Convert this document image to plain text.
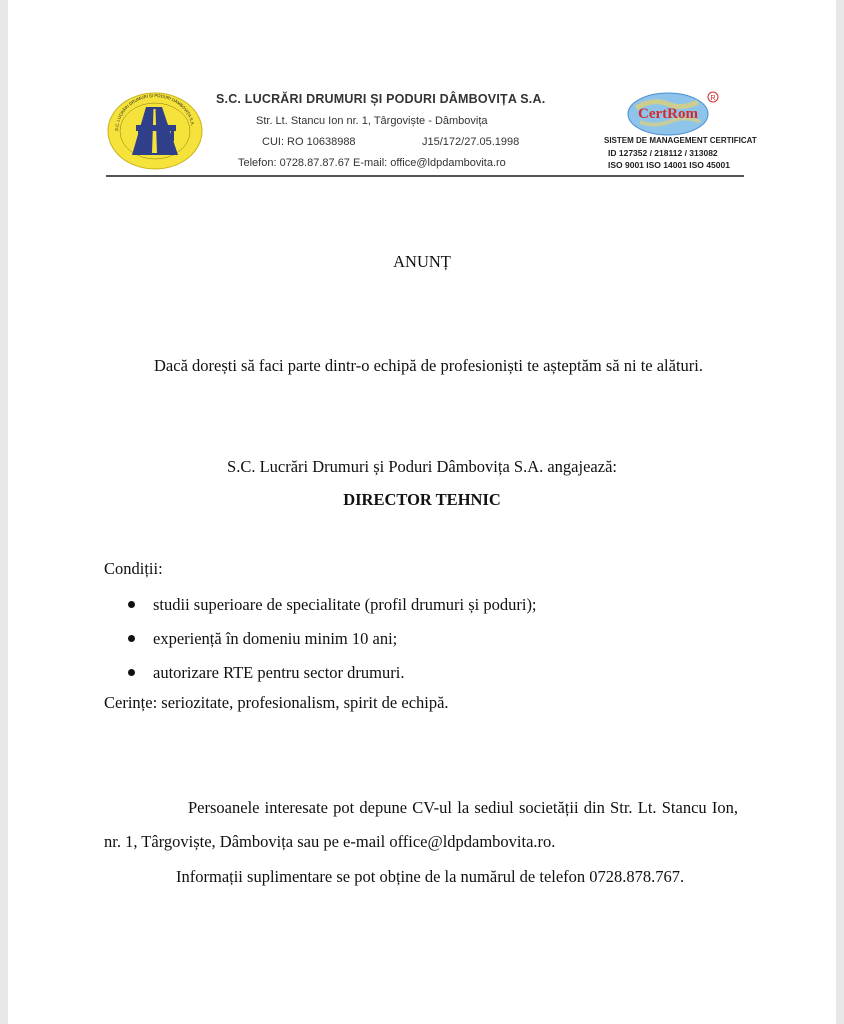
S.C. LUCRĂRI DRUMURI ȘI PODURI DÂMBOVIȚA S.A.
S.C. LUCRĂRI DRUMURI ȘI PODURI DÂMBOVIȚA S.A.
Str. Lt. Stancu Ion nr. 1, Târgoviște - Dâmbovița
CUI: RO 10638988	J15/172/27.05.1998
Telefon: 0728.87.87.67 E-mail: office@ldpdambovita.ro
CertRom
R
SISTEM DE MANAGEMENT CERTIFICAT
ID 127352 / 218112 / 313082
ISO 9001 ISO 14001 ISO 45001
ANUNȚ
Dacă dorești să faci parte dintr-o echipă de profesioniști te așteptăm să ni te alături.
S.C. Lucrări Drumuri și Poduri Dâmbovița S.A. angajează:
DIRECTOR TEHNIC
Condiții:
studii superioare de specialitate (profil drumuri și poduri);
experiență în domeniu minim 10 ani;
autorizare RTE pentru sector drumuri.
Cerințe: seriozitate, profesionalism, spirit de echipă.
Persoanele interesate pot depune CV-ul la sediul societății din Str. Lt. Stancu Ion, nr. 1, Târgoviște, Dâmbovița sau pe e-mail office@ldpdambovita.ro.
Informații suplimentare se pot obține de la numărul de telefon 0728.878.767.
